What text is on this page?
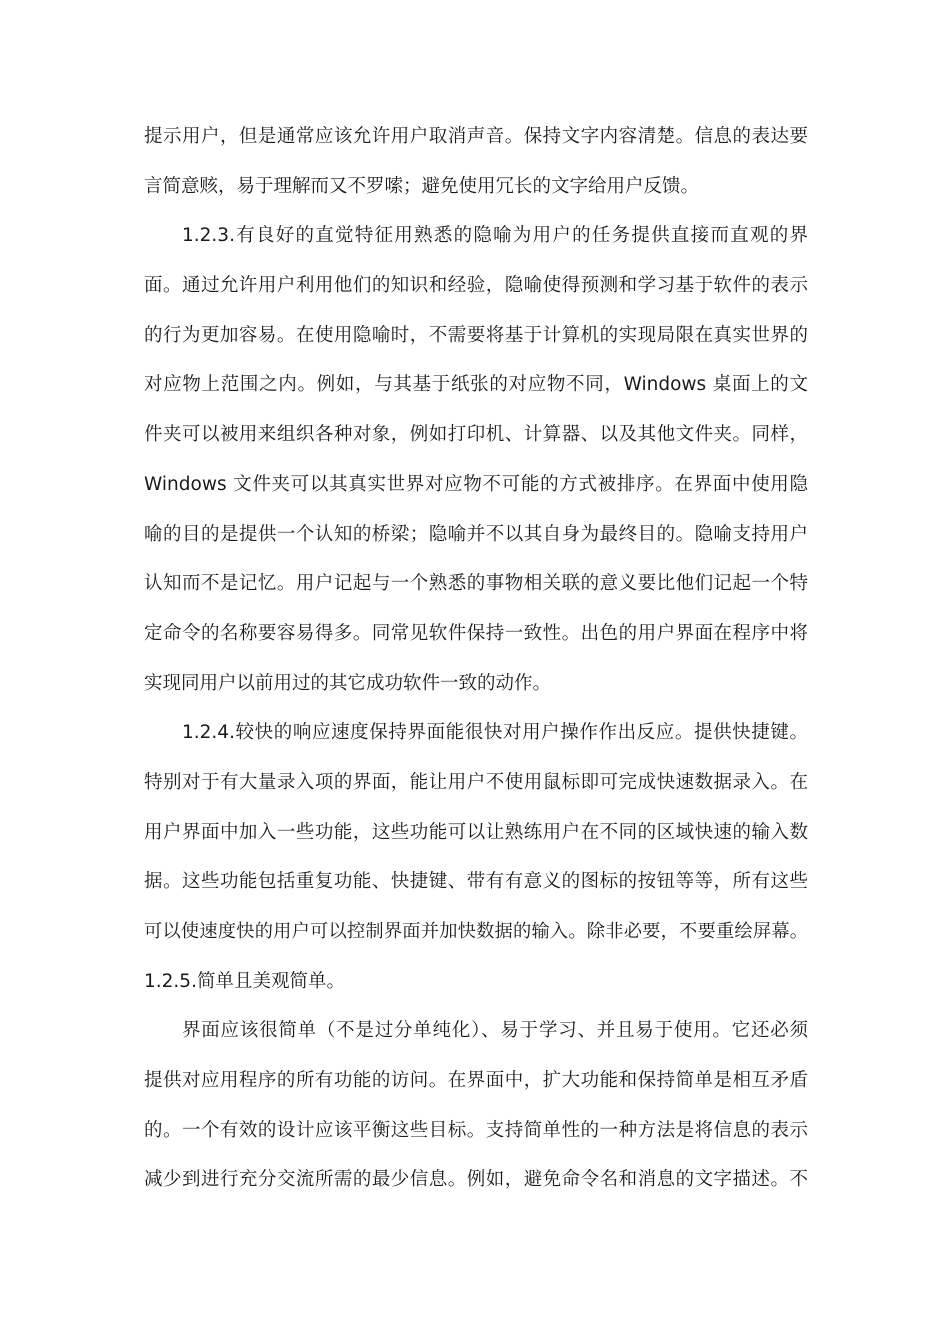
提示用户，但是通常应该允许用户取消声音。保持文字内容清楚。信息的表达要
言简意赅，易于理解而又不罗嗦；避免使用冗长的文字给用户反馈。
1.2.3.有良好的直觉特征用熟悉的隐喻为用户的任务提供直接而直观的界
面。通过允许用户利用他们的知识和经验，隐喻使得预测和学习基于软件的表示
的行为更加容易。在使用隐喻时，不需要将基于计算机的实现局限在真实世界的
对应物上范围之内。例如，与其基于纸张的对应物不同，Windows 桌面上的文
件夹可以被用来组织各种对象，例如打印机、计算器、以及其他文件夹。同样，
Windows 文件夹可以其真实世界对应物不可能的方式被排序。在界面中使用隐
喻的目的是提供一个认知的桥梁；隐喻并不以其自身为最终目的。隐喻支持用户
认知而不是记忆。用户记起与一个熟悉的事物相关联的意义要比他们记起一个特
定命令的名称要容易得多。同常见软件保持一致性。出色的用户界面在程序中将
实现同用户以前用过的其它成功软件一致的动作。
1.2.4.较快的响应速度保持界面能很快对用户操作作出反应。提供快捷键。
特别对于有大量录入项的界面，能让用户不使用鼠标即可完成快速数据录入。在
用户界面中加入一些功能，这些功能可以让熟练用户在不同的区域快速的输入数
据。这些功能包括重复功能、快捷键、带有有意义的图标的按钮等等，所有这些
可以使速度快的用户可以控制界面并加快数据的输入。除非必要，不要重绘屏幕。
1.2.5.简单且美观简单。
界面应该很简单（不是过分单纯化）、易于学习、并且易于使用。它还必须
提供对应用程序的所有功能的访问。在界面中，扩大功能和保持简单是相互矛盾
的。一个有效的设计应该平衡这些目标。支持简单性的一种方法是将信息的表示
减少到进行充分交流所需的最少信息。例如，避免命令名和消息的文字描述。不
